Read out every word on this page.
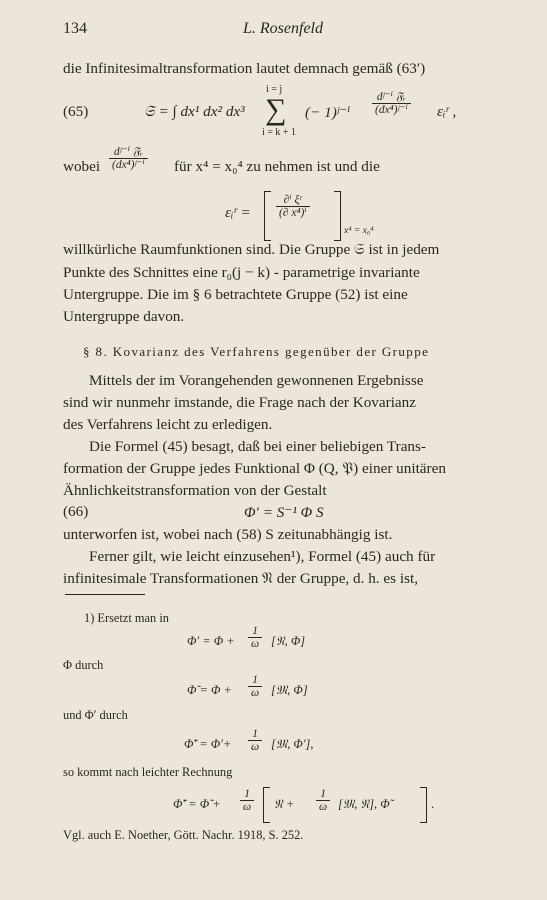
134	L. Rosenfeld
die Infinitesimaltransformation lautet demnach gemäß (63′)
(65)	𝔖 = ∫ dx¹ dx² dx³
i = j
∑
i = k + 1
(− 1)ʲ⁻ⁱ $\frac{\text{dʲ⁻ⁱ 𝔉ᵣ}}{\text{(dx⁴)ʲ⁻ⁱ}}$ εᵢʳ ,
wobei $\frac{\text{dʲ⁻ⁱ 𝔉ᵣ}}{\text{(dx⁴)ʲ⁻ⁱ}}$ für x⁴ = x₀⁴ zu nehmen ist und die
εᵢʳ = $\frac{\text{∂ⁱ ξʳ}}{\text{(∂ x⁴)ⁱ}}$
x⁴ = x₀⁴
willkürliche Raumfunktionen sind. Die Gruppe 𝔖 ist in jedem
Punkte des Schnittes eine r₀(j − k) - parametrige invariante
Untergruppe. Die im § 6 betrachtete Gruppe (52) ist eine
Untergruppe davon.
§ 8. Kovarianz des Verfahrens gegenüber der Gruppe
Mittels der im Vorangehenden gewonnenen Ergebnisse
sind wir nunmehr imstande, die Frage nach der Kovarianz
des Verfahrens leicht zu erledigen.
Die Formel (45) besagt, daß bei einer beliebigen Trans-
formation der Gruppe jedes Funktional Φ (Q, 𝔓) einer unitären
Ähnlichkeitstransformation von der Gestalt
(66)	Φ′ = S⁻¹ Φ S
unterworfen ist, wobei nach (58) S zeitunabhängig ist.
Ferner gilt, wie leicht einzusehen¹), Formel (45) auch für
infinitesimale Transformationen 𝔑 der Gruppe, d. h. es ist,
1) Ersetzt man in
$\Phi' = \Phi + \frac{1}{\omega}$ [𝔑, Φ]
Φ durch
Φ̃ = $\Phi + \frac{1}{\omega}$ [𝔐, Φ]
und Φ′ durch
Φ̃′ = $\Phi'+ \frac{1}{\omega}$ [𝔐, Φ′],
so kommt nach leichter Rechnung
Φ̃′ = Φ̃ + $\frac{1}{\omega}$ 𝔑 + $\frac{1}{\omega}$ [𝔐, 𝔑], Φ̃	.
Vgl. auch E. Noether, Gött. Nachr. 1918, S. 252.
